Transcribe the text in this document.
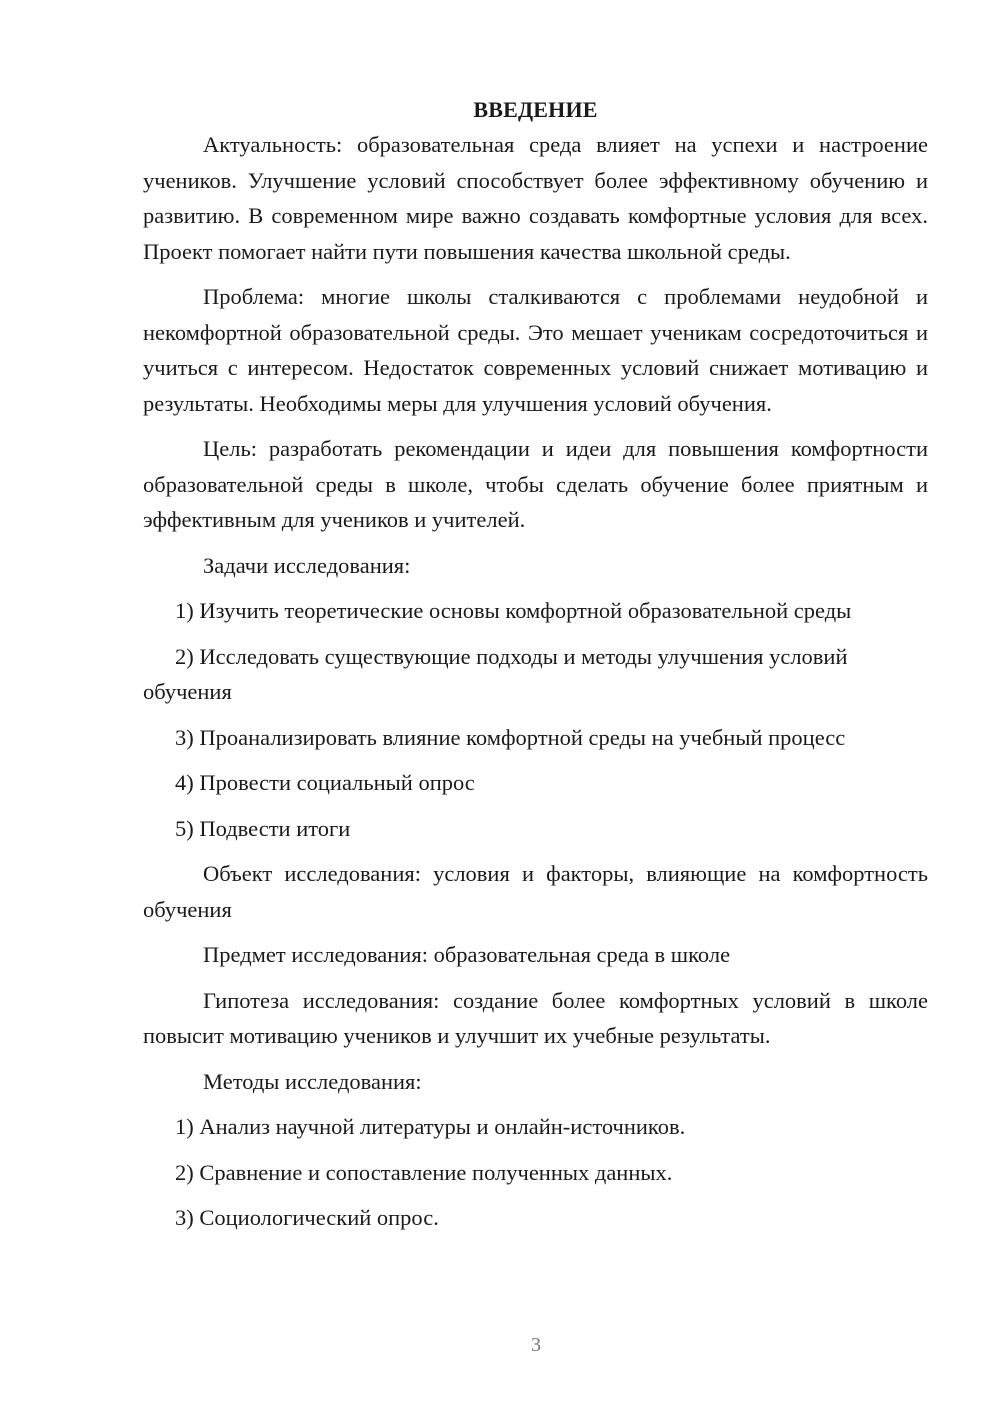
ВВЕДЕНИЕ

Актуальность: образовательная среда влияет на успехи и настроение учеников. Улучшение условий способствует более эффективному обучению и развитию. В современном мире важно создавать комфортные условия для всех. Проект помогает найти пути повышения качества школьной среды.

Проблема: многие школы сталкиваются с проблемами неудобной и некомфортной образовательной среды. Это мешает ученикам сосредоточиться и учиться с интересом. Недостаток современных условий снижает мотивацию и результаты. Необходимы меры для улучшения условий обучения.

Цель: разработать рекомендации и идеи для повышения комфортности образовательной среды в школе, чтобы сделать обучение более приятным и эффективным для учеников и учителей.

Задачи исследования:

1) Изучить теоретические основы комфортной образовательной среды

2) Исследовать существующие подходы и методы улучшения условий обучения

3) Проанализировать влияние комфортной среды на учебный процесс

4) Провести социальный опрос

5) Подвести итоги

Объект исследования: условия и факторы, влияющие на комфортность обучения

Предмет исследования: образовательная среда в школе

Гипотеза исследования: создание более комфортных условий в школе повысит мотивацию учеников и улучшит их учебные результаты.

Методы исследования:

1) Анализ научной литературы и онлайн-источников.

2) Сравнение и сопоставление полученных данных.

3) Социологический опрос.

3
